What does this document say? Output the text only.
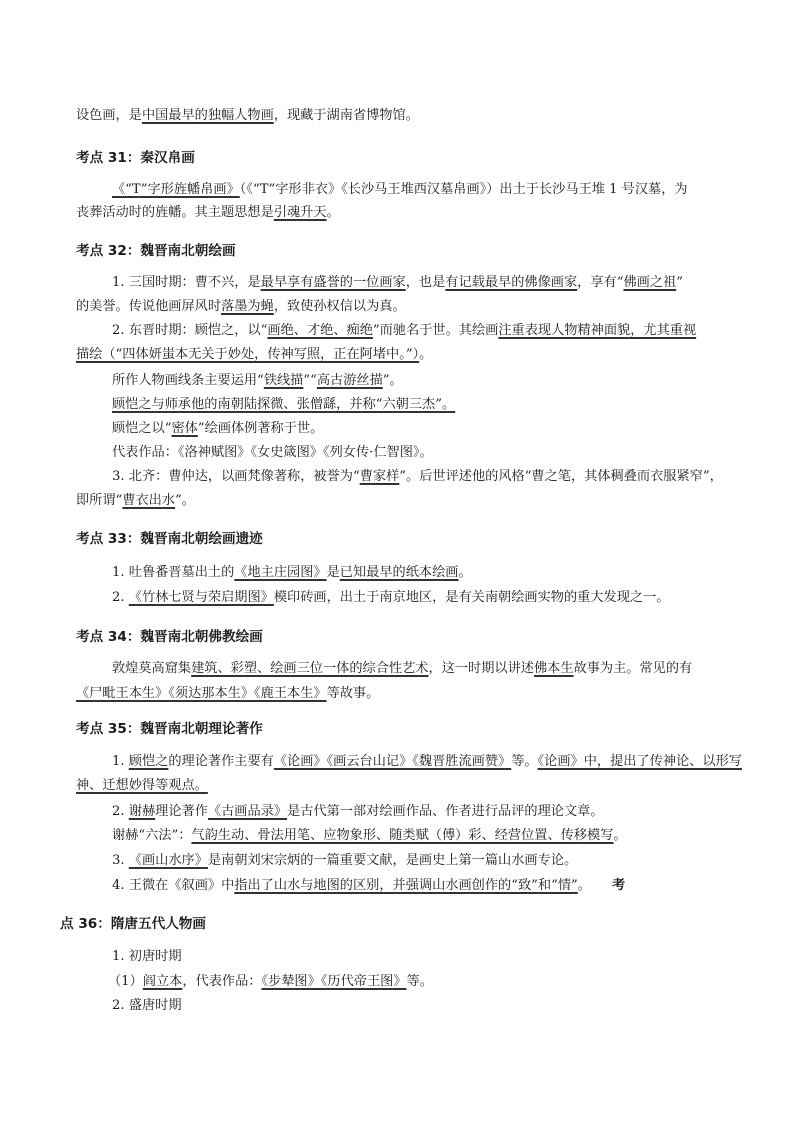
设色画，是中国最早的独幅人物画，现藏于湖南省博物馆。
考点 31：秦汉帛画
《“T”字形旌幡帛画》（《“T”字形非衣》《长沙马王堆西汉墓帛画》）出土于长沙马王堆 1 号汉墓，为
丧葬活动时的旌幡。其主题思想是引魂升天。
考点 32：魏晋南北朝绘画
1. 三国时期：曹不兴，是最早享有盛誉的一位画家，也是有记载最早的佛像画家，享有“佛画之祖”
的美誉。传说他画屏风时落墨为蝇，致使孙权信以为真。
2. 东晋时期：顾恺之，以“画绝、才绝、痴绝”而驰名于世。其绘画注重表现人物精神面貌，尤其重视
描绘（“四体妍蚩本无关于妙处，传神写照，正在阿堵中。”）。
所作人物画线条主要运用“铁线描”“高古游丝描”。
顾恺之与师承他的南朝陆探微、张僧繇，并称“六朝三杰”。
顾恺之以“密体”绘画体例著称于世。
代表作品：《洛神赋图》《女史箴图》《列女传·仁智图》。
3. 北齐：曹仲达，以画梵像著称，被誉为“曹家样”。后世评述他的风格“曹之笔，其体稠叠而衣服紧窄”，
即所谓“曹衣出水”。
考点 33：魏晋南北朝绘画遗迹
1. 吐鲁番晋墓出土的《地主庄园图》是已知最早的纸本绘画。
2. 《竹林七贤与荣启期图》模印砖画，出土于南京地区，是有关南朝绘画实物的重大发现之一。
考点 34：魏晋南北朝佛教绘画
敦煌莫高窟集建筑、彩塑、绘画三位一体的综合性艺术，这一时期以讲述佛本生故事为主。常见的有
《尸毗王本生》《须达那本生》《鹿王本生》等故事。
考点 35：魏晋南北朝理论著作
1. 顾恺之的理论著作主要有《论画》《画云台山记》《魏晋胜流画赞》等。《论画》中，提出了传神论、以形写
神、迁想妙得等观点。
2. 谢赫理论著作《古画品录》是古代第一部对绘画作品、作者进行品评的理论文章。
谢赫“六法”：气韵生动、骨法用笔、应物象形、随类赋（傅）彩、经营位置、传移模写。
3. 《画山水序》是南朝刘宋宗炳的一篇重要文献，是画史上第一篇山水画专论。
4. 王微在《叙画》中指出了山水与地图的区别，并强调山水画创作的“致”和“情”。 考
点 36：隋唐五代人物画
1. 初唐时期
（1）阎立本，代表作品：《步辇图》《历代帝王图》等。
2. 盛唐时期
